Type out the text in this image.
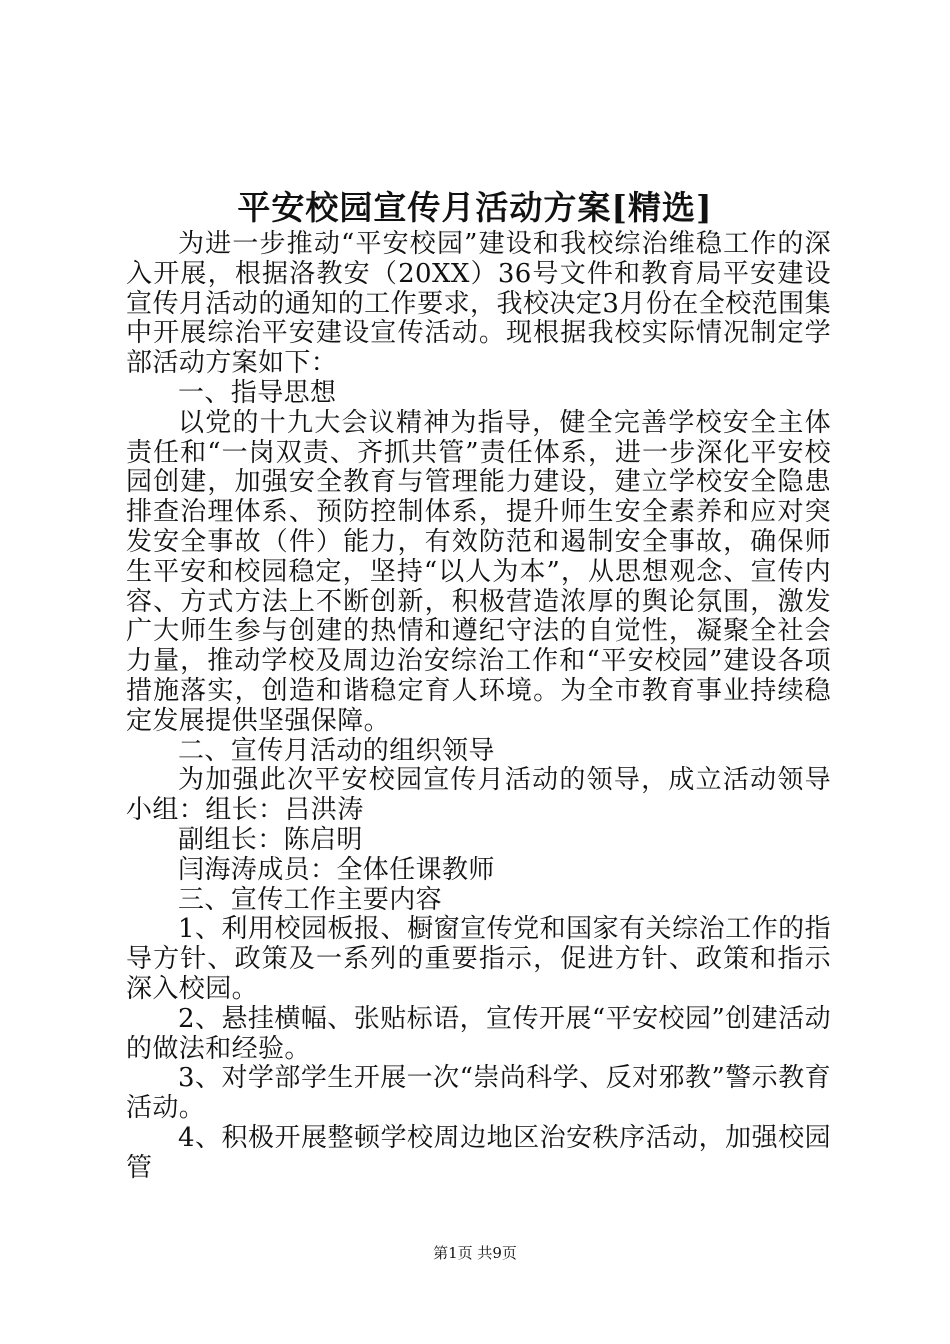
平安校园宣传月活动方案[精选]

为进一步推动“平安校园”建设和我校综治维稳工作的深入开展，根据洛教安（20XX）36号文件和教育局平安建设宣传月活动的通知的工作要求，我校决定3月份在全校范围集中开展综治平安建设宣传活动。现根据我校实际情况制定学部活动方案如下：

一、指导思想

以党的十九大会议精神为指导，健全完善学校安全主体责任和“一岗双责、齐抓共管”责任体系，进一步深化平安校园创建，加强安全教育与管理能力建设，建立学校安全隐患排查治理体系、预防控制体系，提升师生安全素养和应对突发安全事故（件）能力，有效防范和遏制安全事故，确保师生平安和校园稳定，坚持“以人为本”，从思想观念、宣传内容、方式方法上不断创新，积极营造浓厚的舆论氛围，激发广大师生参与创建的热情和遵纪守法的自觉性，凝聚全社会力量，推动学校及周边治安综治工作和“平安校园”建设各项措施落实，创造和谐稳定育人环境。为全市教育事业持续稳定发展提供坚强保障。

二、宣传月活动的组织领导

为加强此次平安校园宣传月活动的领导，成立活动领导小组：组长：吕洪涛

副组长：陈启明

闫海涛成员：全体任课教师

三、宣传工作主要内容

1、利用校园板报、橱窗宣传党和国家有关综治工作的指导方针、政策及一系列的重要指示，促进方针、政策和指示深入校园。

2、悬挂横幅、张贴标语，宣传开展“平安校园”创建活动的做法和经验。

3、对学部学生开展一次“崇尚科学、反对邪教”警示教育活动。

4、积极开展整顿学校周边地区治安秩序活动，加强校园管

第1页 共9页
